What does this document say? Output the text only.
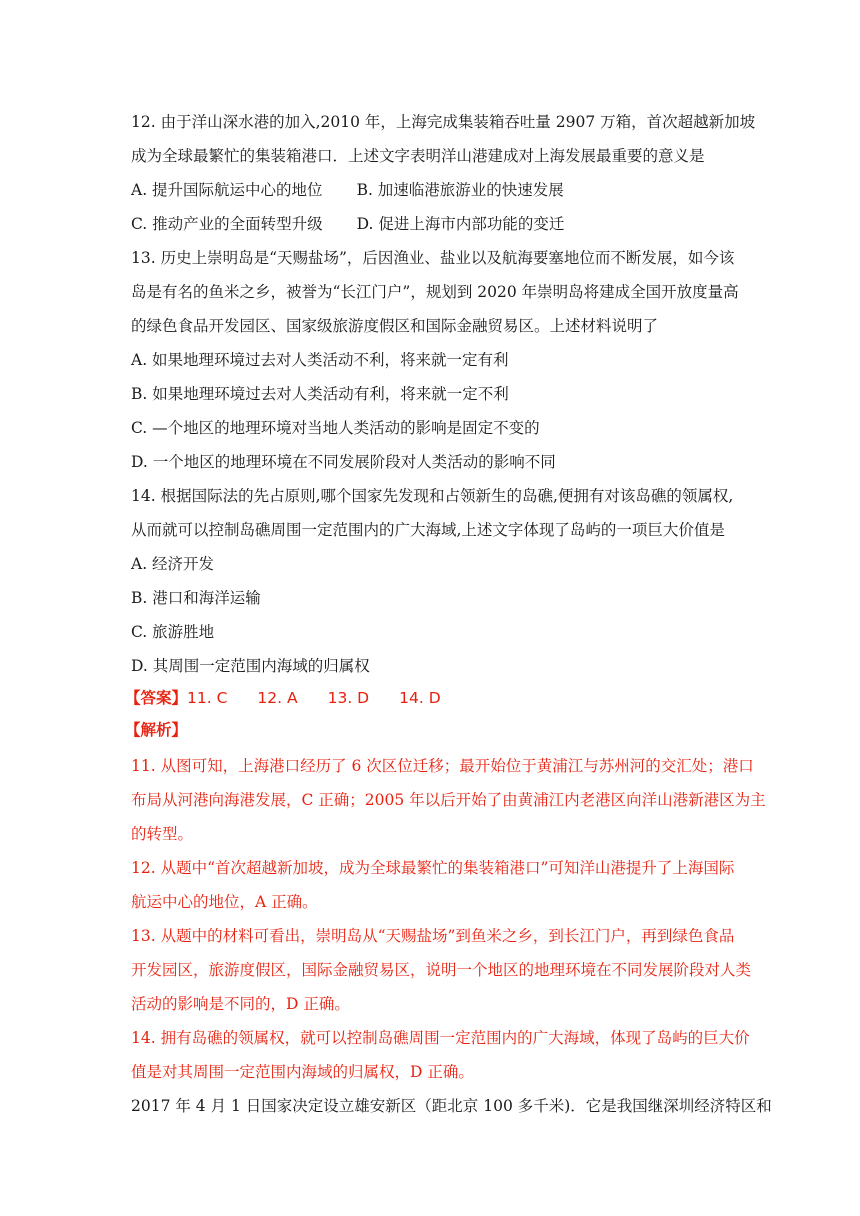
12. 由于洋山深水港的加入,2010 年，上海完成集装箱吞吐量 2907 万箱，首次超越新加坡
成为全球最繁忙的集装箱港口．上述文字表明洋山港建成对上海发展最重要的意义是
A. 提升国际航运中心的地位 B. 加速临港旅游业的快速发展
C. 推动产业的全面转型升级 D. 促进上海市内部功能的变迁
13. 历史上崇明岛是“天赐盐场”，后因渔业、盐业以及航海要塞地位而不断发展，如今该
岛是有名的鱼米之乡，被誉为“长江门户”，规划到 2020 年崇明岛将建成全国开放度量高
的绿色食品开发园区、国家级旅游度假区和国际金融贸易区。上述材料说明了
A. 如果地理环境过去对人类活动不利，将来就一定有利
B. 如果地理环境过去对人类活动有利，将来就一定不利
C. —个地区的地理环境对当地人类活动的影响是固定不变的
D. 一个地区的地理环境在不同发展阶段对人类活动的影响不同
14. 根据国际法的先占原则,哪个国家先发现和占领新生的岛礁,便拥有对该岛礁的领属权,
从而就可以控制岛礁周围一定范围内的广大海域,上述文字体现了岛屿的一项巨大价值是
A. 经济开发
B. 港口和海洋运输
C. 旅游胜地
D. 其周围一定范围内海域的归属权
【答案】11. C 12. A 13. D 14. D
【解析】
11. 从图可知，上海港口经历了 6 次区位迁移；最开始位于黄浦江与苏州河的交汇处；港口
布局从河港向海港发展，C 正确；2005 年以后开始了由黄浦江内老港区向洋山港新港区为主
的转型。
12. 从题中“首次超越新加坡，成为全球最繁忙的集装箱港口”可知洋山港提升了上海国际
航运中心的地位，A 正确。
13. 从题中的材料可看出，崇明岛从“天赐盐场”到鱼米之乡，到长江门户，再到绿色食品
开发园区，旅游度假区，国际金融贸易区，说明一个地区的地理环境在不同发展阶段对人类
活动的影响是不同的，D 正确。
14. 拥有岛礁的领属权，就可以控制岛礁周围一定范围内的广大海域，体现了岛屿的巨大价
值是对其周围一定范围内海域的归属权，D 正确。
2017 年 4 月 1 日国家决定设立雄安新区（距北京 100 多千米)．它是我国继深圳经济特区和
